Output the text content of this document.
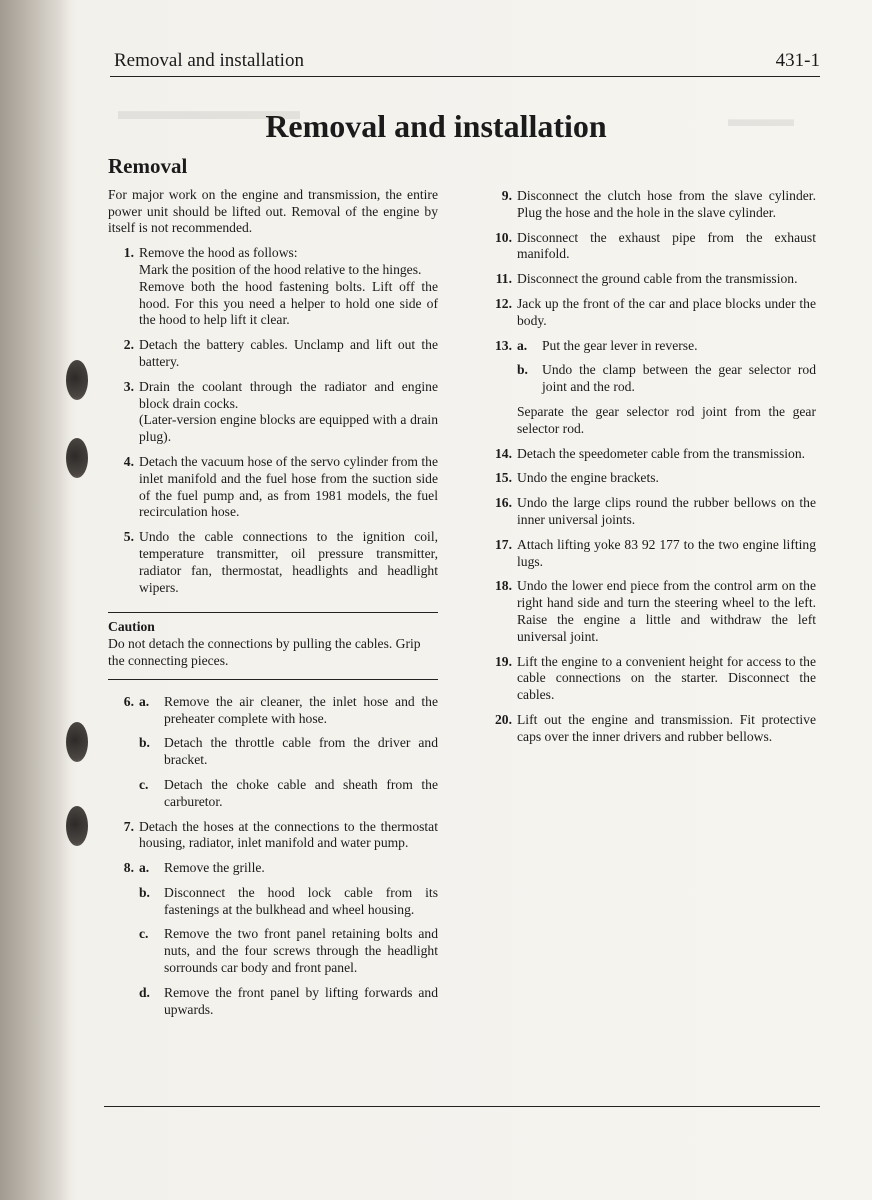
▬▬▬▬▬▬▬	▬▬▬
Removal and installation	431-1
Removal and installation
Removal

For major work on the engine and transmission, the entire power unit should be lifted out. Removal of the engine by itself is not recommended.

1. Remove the hood as follows:

Mark the position of the hood relative to the hinges.

Remove both the hood fastening bolts. Lift off the hood. For this you need a helper to hold one side of the hood to help lift it clear.

2. Detach the battery cables. Unclamp and lift out the battery.

3. Drain the coolant through the radiator and engine block drain cocks.

(Later-version engine blocks are equipped with a drain plug).

4. Detach the vacuum hose of the servo cylinder from the inlet manifold and the fuel hose from the suction side of the fuel pump and, as from 1981 models, the fuel recirculation hose.

5. Undo the cable connections to the ignition coil, temperature transmitter, oil pressure transmitter, radiator fan, thermostat, headlights and headlight wipers.

Caution
Do not detach the connections by pulling the cables. Grip the connecting pieces.
6. a. Remove the air cleaner, the inlet hose and the preheater complete with hose.

b. Detach the throttle cable from the driver and bracket.

c. Detach the choke cable and sheath from the carburetor.

7. Detach the hoses at the connections to the thermostat housing, radiator, inlet manifold and water pump.

8. a. Remove the grille.

b. Disconnect the hood lock cable from its fastenings at the bulkhead and wheel housing.

c. Remove the two front panel retaining bolts and nuts, and the four screws through the headlight sorrounds car body and front panel.

d. Remove the front panel by lifting forwards and upwards.

9. Disconnect the clutch hose from the slave cylinder. Plug the hose and the hole in the slave cylinder.

10. Disconnect the exhaust pipe from the exhaust manifold.

11. Disconnect the ground cable from the transmission.

12. Jack up the front of the car and place blocks under the body.

13. a. Put the gear lever in reverse.

b. Undo the clamp between the gear selector rod joint and the rod.

Separate the gear selector rod joint from the gear selector rod.

14. Detach the speedometer cable from the transmission.

15. Undo the engine brackets.

16. Undo the large clips round the rubber bellows on the inner universal joints.

17. Attach lifting yoke 83 92 177 to the two engine lifting lugs.

18. Undo the lower end piece from the control arm on the right hand side and turn the steering wheel to the left. Raise the engine a little and withdraw the left universal joint.

19. Lift the engine to a convenient height for access to the cable connections on the starter. Disconnect the cables.

20. Lift out the engine and transmission. Fit protective caps over the inner drivers and rubber bellows.
